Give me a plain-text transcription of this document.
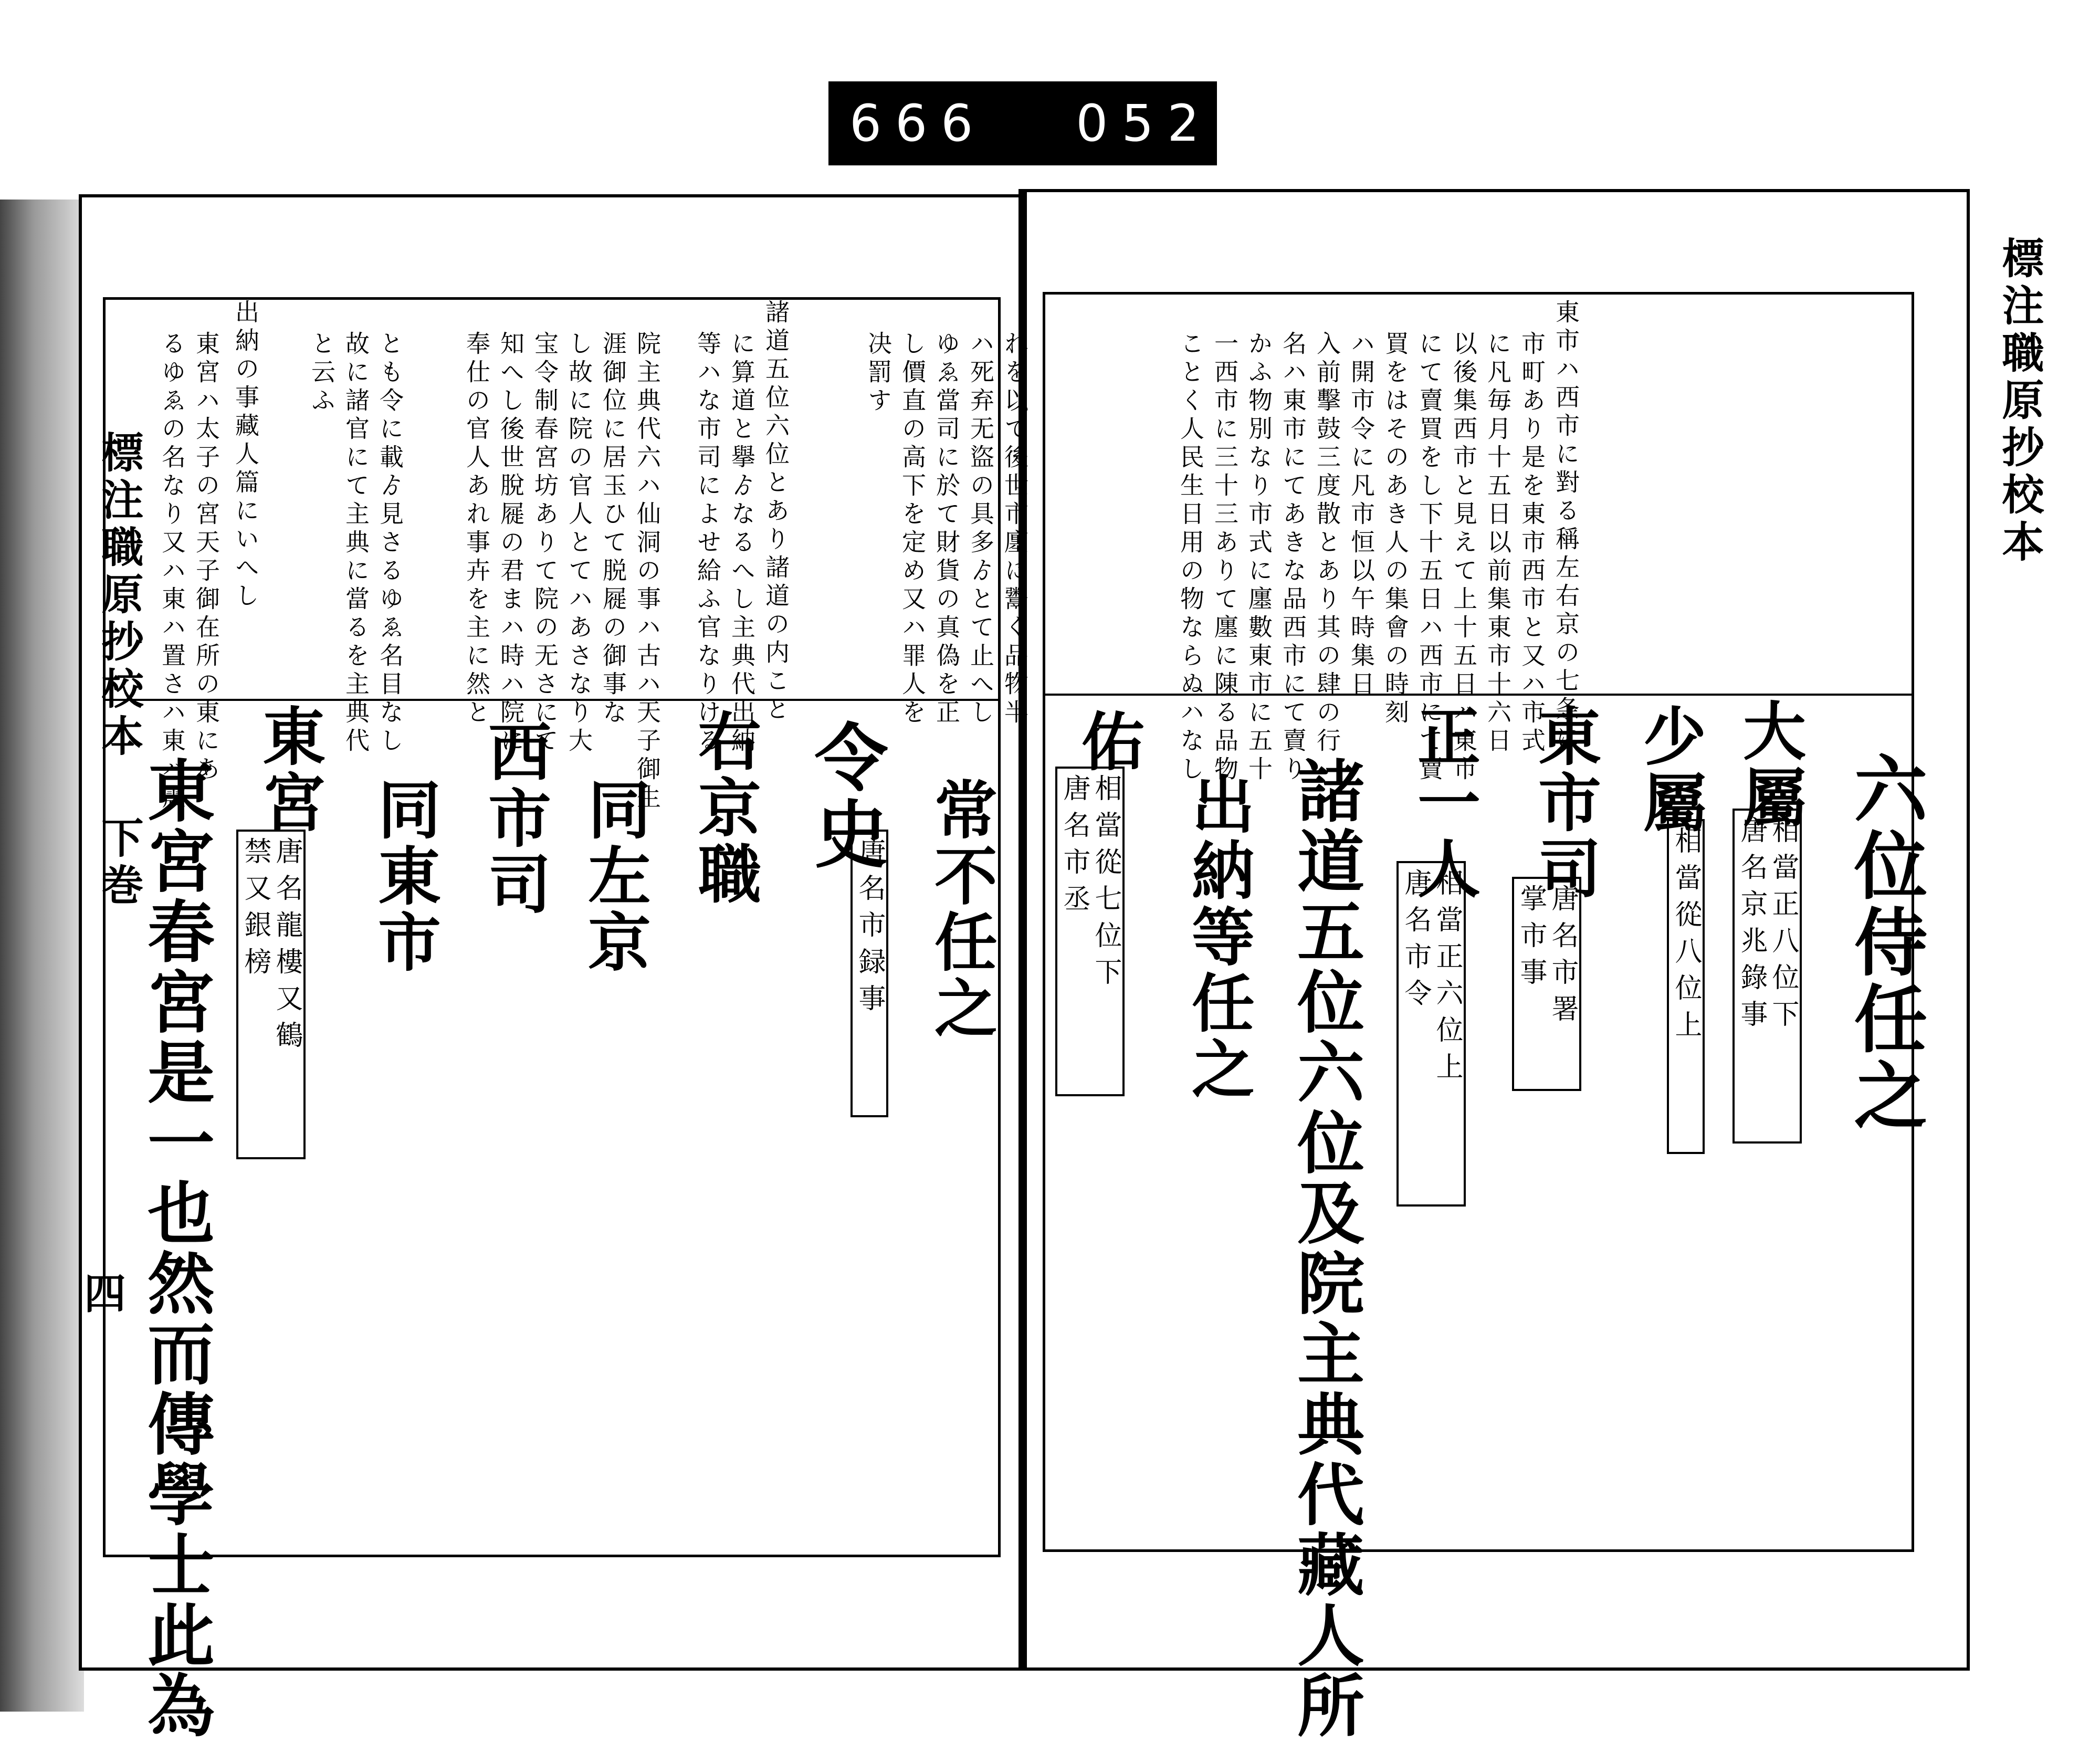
666 052.
標注職原抄校本 下巻
四
標注職原抄校本
れを以て後世市廛に鬻く品物半
ハ死弃无盜の具多ゟとて止へし
ゆゑ當司に於て財貨の真偽を正
し價直の高下を定め又ハ罪人を
决罰す
諸道五位六位とあり諸道の内こと
に算道と擧ゟなるへし主典代出納
等ハな市司によせ給ふ官なりける
院主典代六ハ仙洞の事ハ古ハ天子御生
涯御位に居玉ひて脱屣の御事な
し故に院の官人とてハあさなり大
宝令制春宮坊ありて院の无さにて
知へし後世脫屣の君まハ時ハ院に
奉仕の官人あれ事卉を主に然と
とも令に載ゟ見さるゆゑ名目なし
故に諸官にて主典に當るを主典代
と云ふ
出納の事藏人篇にいへし
東宮ハ太子の宮天子御在所の東にあ
るゆゑの名なり又ハ東ハ置さハ東ハ震
常不任之
唐名市録事
令史
右京職
同左京
西市司
同東市
東宮
唐名龍樓又鶴
禁又銀榜
東宮春宮是一也然而傳學士此為
東市ハ西市に對る稱左右京の七条に
市町あり是を東市西市と又ハ市式
に凡毎月十五日以前集東市十六日
以後集西市と見えて上十五日ハ東市
にて賣買をし下十五日ハ西市にて賣
買をはそのあき人の集會の時刻
ハ開市令に凡市恒以午時集日
入前擊鼓三度散とあり其の肆の行
名ハ東市にてあきな品西市にて賣り
かふ物別なり市式に廛數東市に五十
一西市に三十三ありて廛に陳る品物
ことく人民生日用の物ならぬハなし
六位侍任之
大屬
相當正八位下
唐名京兆錄事
少屬
相當從八位上
東市司
唐名市署
掌市事
正一人
相當正六位上
唐名市令
諸道五位六位及院主典代藏人所
出納等任之
佑
相當從七位下
唐名市丞
